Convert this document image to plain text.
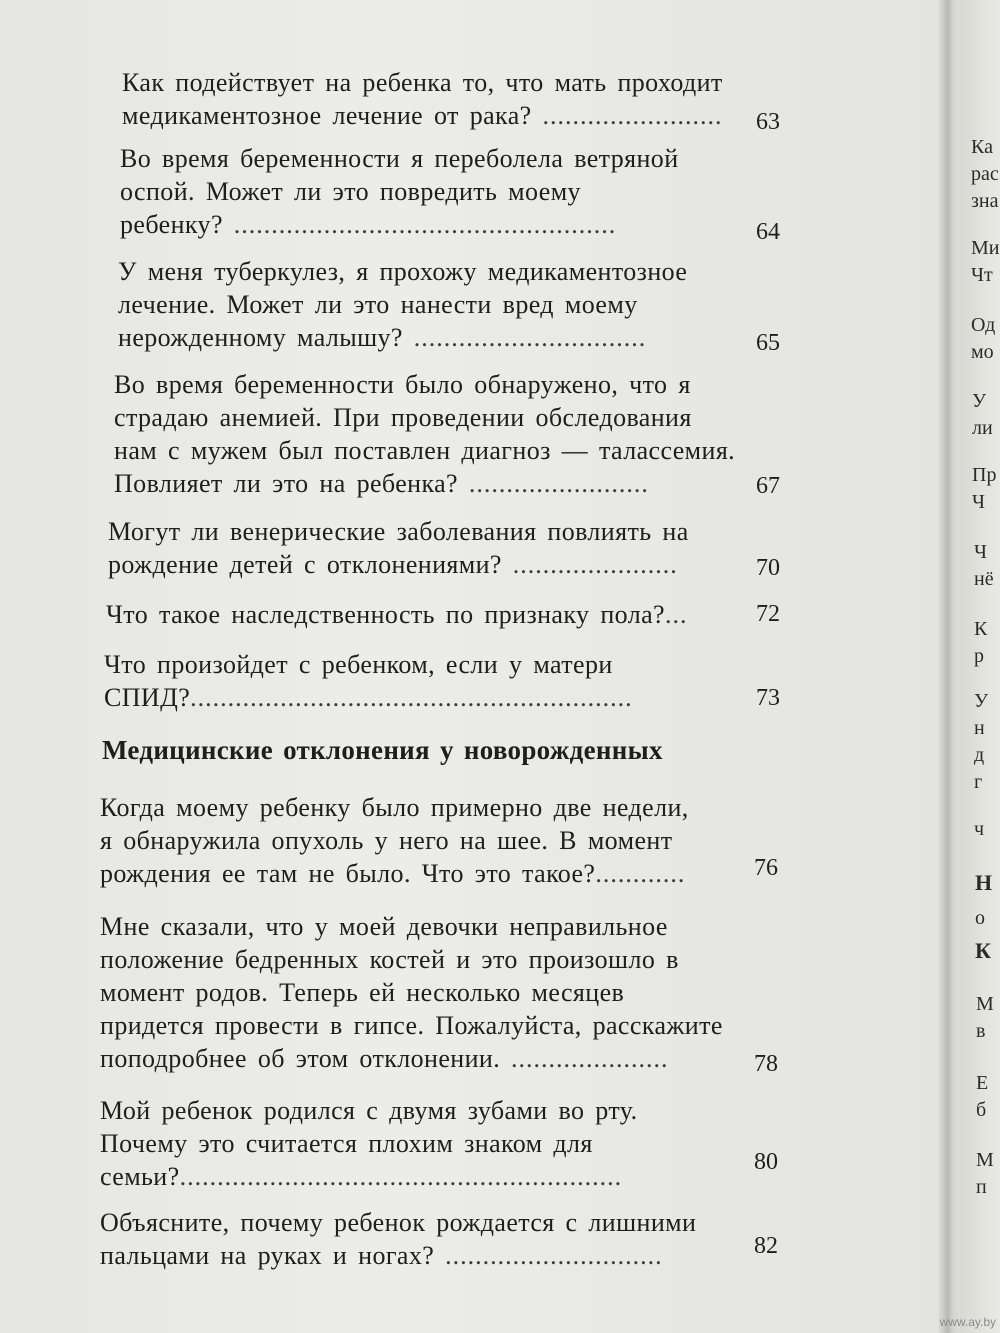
Ка
рас
зна
Ми
Чт
Од
мо
У
ли
Пр
Ч
Ч
нё
К
р
У
н
д
г
ч
Н
о
К
М
в
Е
б
М
п
Как подействует на ребенка то, что мать проходит
медикаментозное лечение от рака? ........................	63
Во время беременности я переболела ветряной
оспой. Может ли это повредить моему
ребенку? ...................................................	64
У меня туберкулез, я прохожу медикаментозное
лечение. Может ли это нанести вред моему
нерожденному малышу? ...............................	65
Во время беременности было обнаружено, что я
страдаю анемией. При проведении обследования
нам с мужем был поставлен диагноз — талассемия.
Повлияет ли это на ребенка? ........................	67
Могут ли венерические заболевания повлиять на
рождение детей с отклонениями? ......................	70
Что такое наследственность по признаку пола?...	72
Что произойдет с ребенком, если у матери
СПИД?...........................................................	73
Медицинские отклонения у новорожденных
Когда моему ребенку было примерно две недели,
я обнаружила опухоль у него на шее. В момент
рождения ее там не было. Что это такое?............	76
Мне сказали, что у моей девочки неправильное
положение бедренных костей и это произошло в
момент родов. Теперь ей несколько месяцев
придется провести в гипсе. Пожалуйста, расскажите
поподробнее об этом отклонении. .....................	78
Мой ребенок родился с двумя зубами во рту.
Почему это считается плохим знаком для
семьи?...........................................................	80
Объясните, почему ребенок рождается с лишними
пальцами на руках и ногах? .............................	82
www.ay.by
